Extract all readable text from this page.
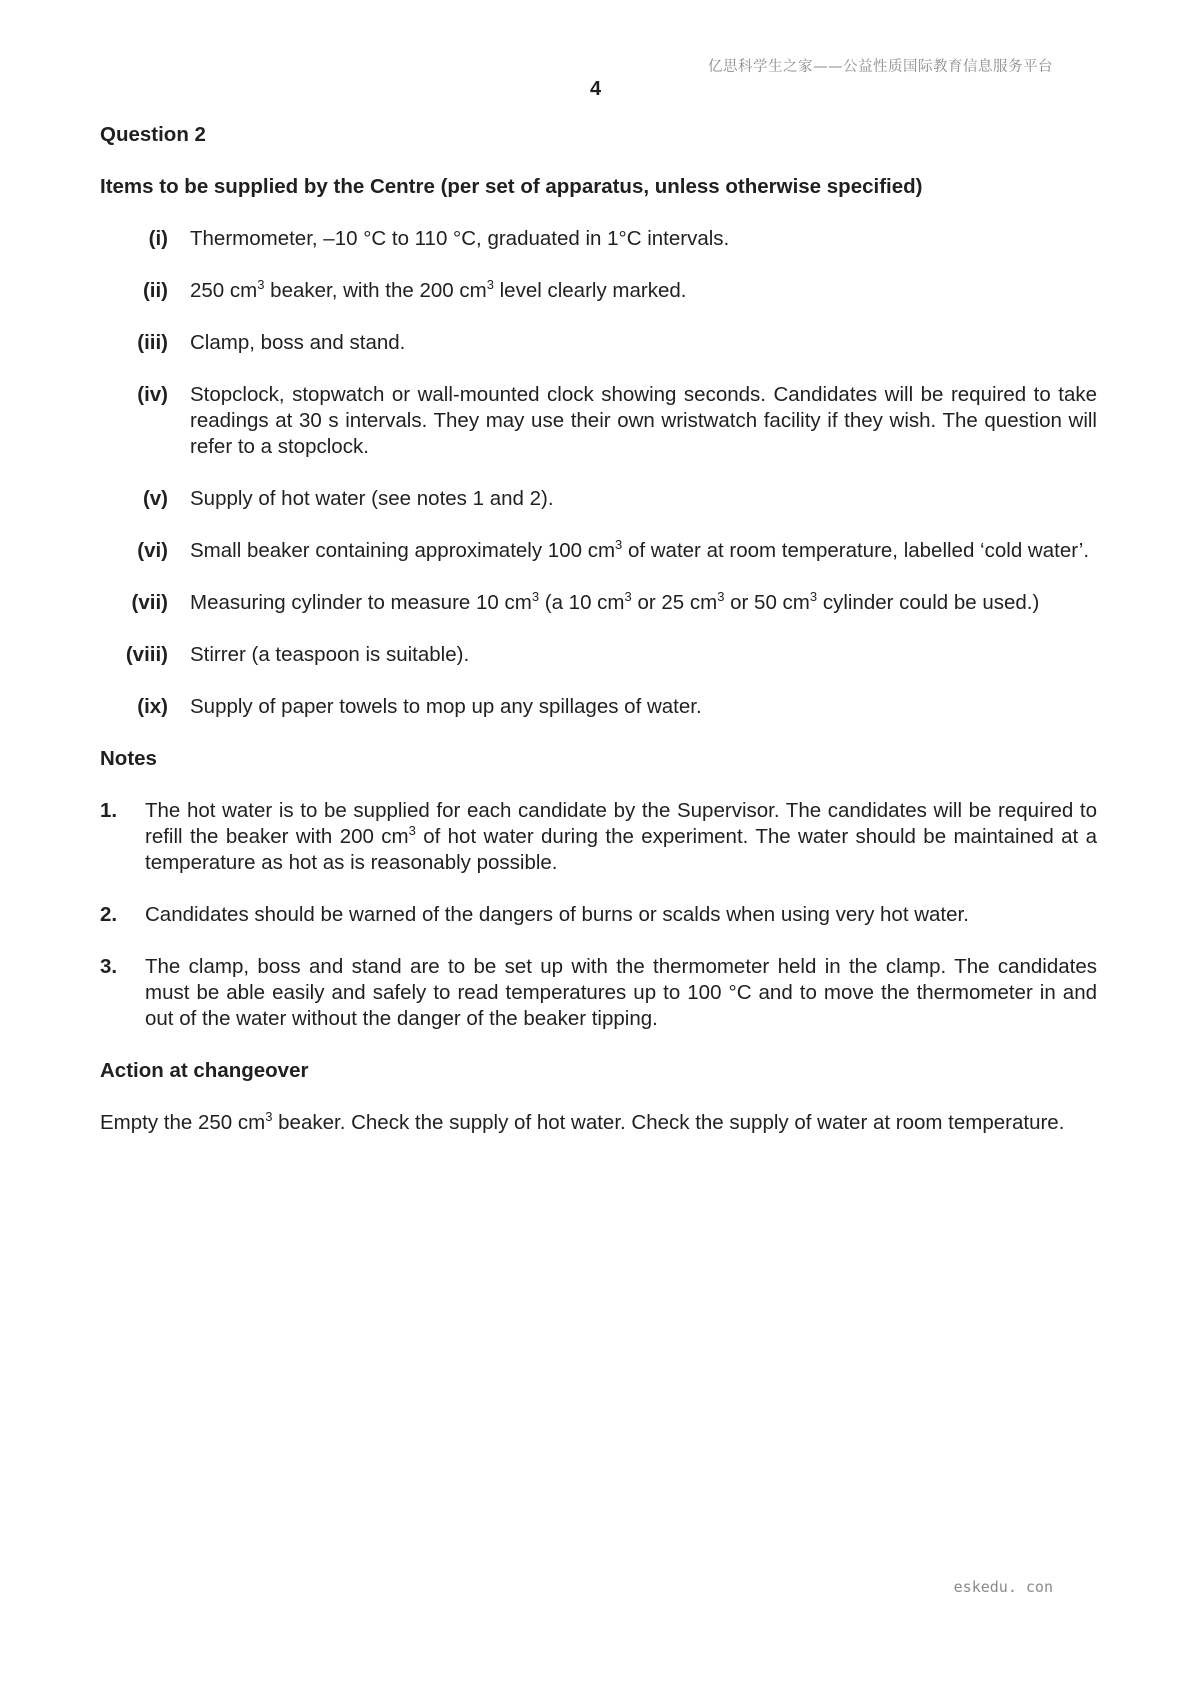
亿思科学生之家——公益性质国际教育信息服务平台
4

Question 2

Items to be supplied by the Centre (per set of apparatus, unless otherwise specified)

(i)	Thermometer, –10 °C to 110 °C, graduated in 1°C intervals.
(ii)	250 $cm^3$ beaker, with the 200 $cm^3$ level clearly marked.
(iii)	Clamp, boss and stand.
(iv)	Stopclock, stopwatch or wall-mounted clock showing seconds. Candidates will be required to take readings at 30 s intervals. They may use their own wristwatch facility if they wish. The question will refer to a stopclock.
(v)	Supply of hot water (see notes 1 and 2).
(vi)	Small beaker containing approximately 100 $cm^3$ of water at room temperature, labelled ‘cold water’.
(vii)	Measuring cylinder to measure 10 $cm^3$ (a 10 $cm^3$ or 25 $cm^3$ or 50 $cm^3$ cylinder could be used.)
(viii)	Stirrer (a teaspoon is suitable).
(ix)	Supply of paper towels to mop up any spillages of water.

Notes

1.	The hot water is to be supplied for each candidate by the Supervisor. The candidates will be required to refill the beaker with 200 $cm^3$ of hot water during the experiment. The water should be maintained at a temperature as hot as is reasonably possible.
2.	Candidates should be warned of the dangers of burns or scalds when using very hot water.
3.	The clamp, boss and stand are to be set up with the thermometer held in the clamp. The candidates must be able easily and safely to read temperatures up to 100 °C and to move the thermometer in and out of the water without the danger of the beaker tipping.

Action at changeover

Empty the 250 $cm^3$ beaker. Check the supply of hot water. Check the supply of water at room temperature.

eskedu. con
